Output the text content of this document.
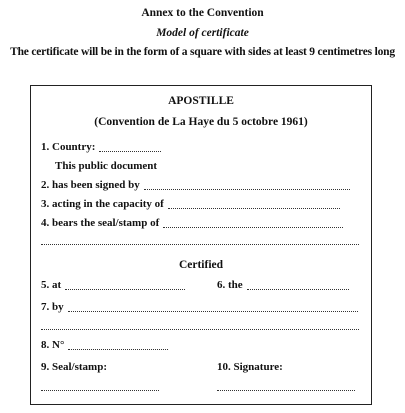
Annex to the Convention
Model of certificate
The certificate will be in the form of a square with sides at least 9 centimetres long
APOSTILLE
(Convention de La Haye du 5 octobre 1961)
1. Country:
This public document
2. has been signed by
3. acting in the capacity of
4. bears the seal/stamp of
Certified
5. at	6. the
7. by
8. N°
9. Seal/stamp:	10. Signature:
